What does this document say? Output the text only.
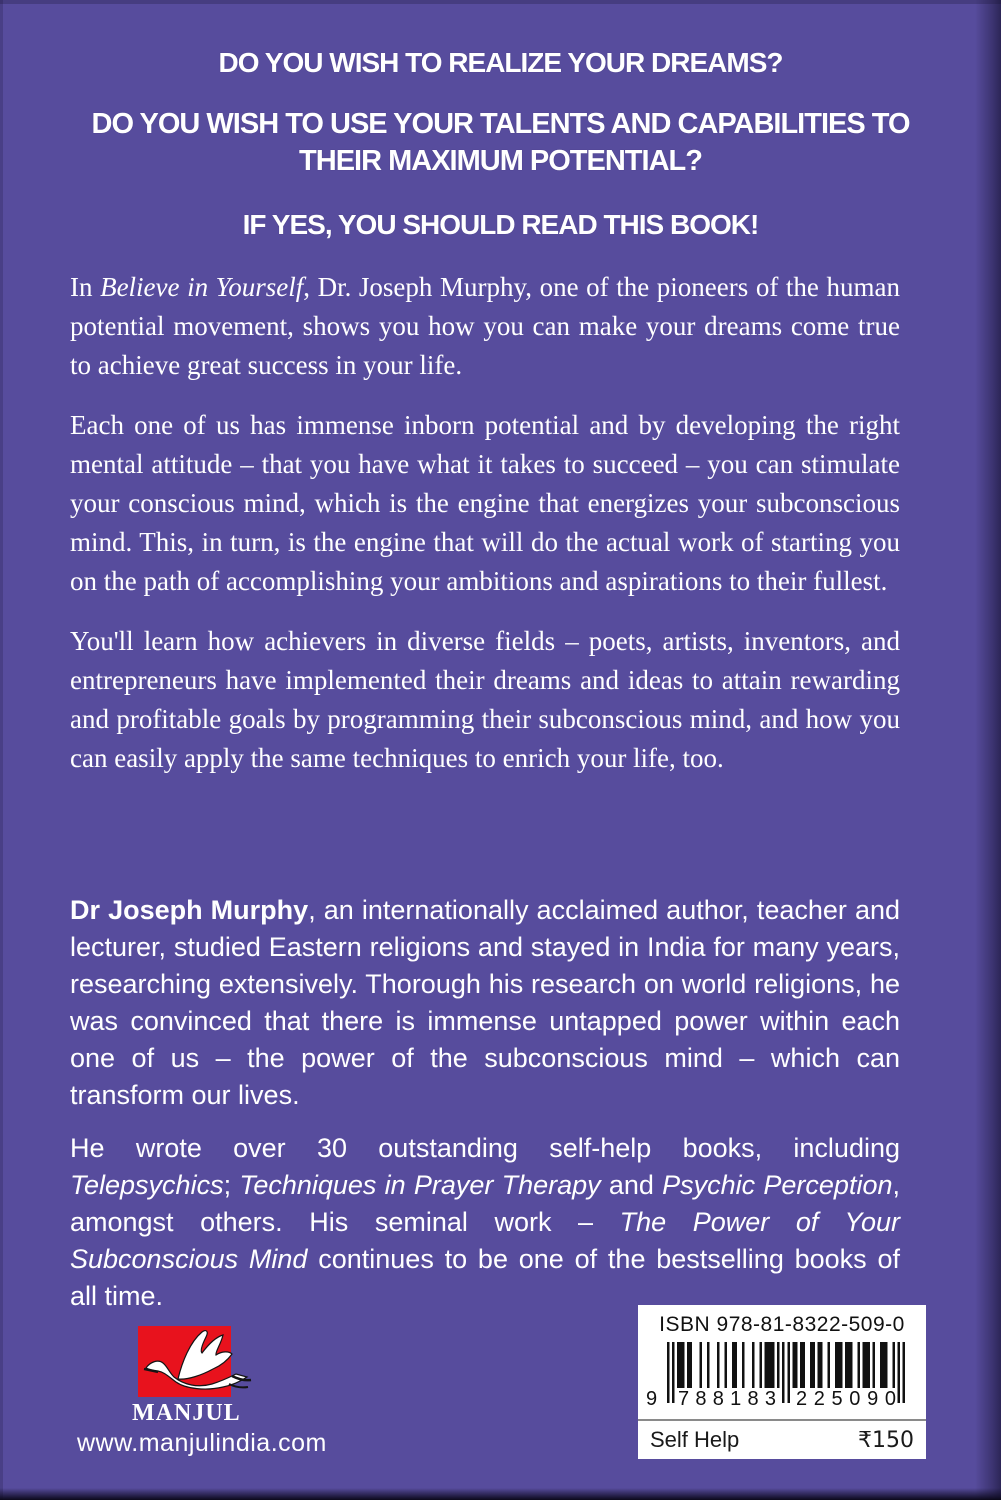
DO YOU WISH TO REALIZE YOUR DREAMS?
DO YOU WISH TO USE YOUR TALENTS AND CAPABILITIES TO THEIR MAXIMUM POTENTIAL?
IF YES, YOU SHOULD READ THIS BOOK!

In Believe in Yourself, Dr. Joseph Murphy, one of the pioneers of the human potential movement, shows you how you can make your dreams come true to achieve great success in your life.

Each one of us has immense inborn potential and by developing the right mental attitude – that you have what it takes to succeed – you can stimulate your conscious mind, which is the engine that energizes your subconscious mind. This, in turn, is the engine that will do the actual work of starting you on the path of accomplishing your ambitions and aspirations to their fullest.

You'll learn how achievers in diverse fields – poets, artists, inventors, and entrepreneurs have implemented their dreams and ideas to attain rewarding and profitable goals by programming their subconscious mind, and how you can easily apply the same techniques to enrich your life, too.

Dr Joseph Murphy, an internationally acclaimed author, teacher and lecturer, studied Eastern religions and stayed in India for many years, researching extensively. Thorough his research on world religions, he was convinced that there is immense untapped power within each one of us – the power of the subconscious mind – which can transform our lives.

He wrote over 30 outstanding self-help books, including Telepsychics; Techniques in Prayer Therapy and Psychic Perception, amongst others. His seminal work – The Power of Your Subconscious Mind continues to be one of the bestselling books of all time.

MANJUL
www.manjulindia.com
ISBN 978-81-8322-509-0
9 7 8 8 1 8 3 2 2 5 0 9 0
Self Help	₹150
